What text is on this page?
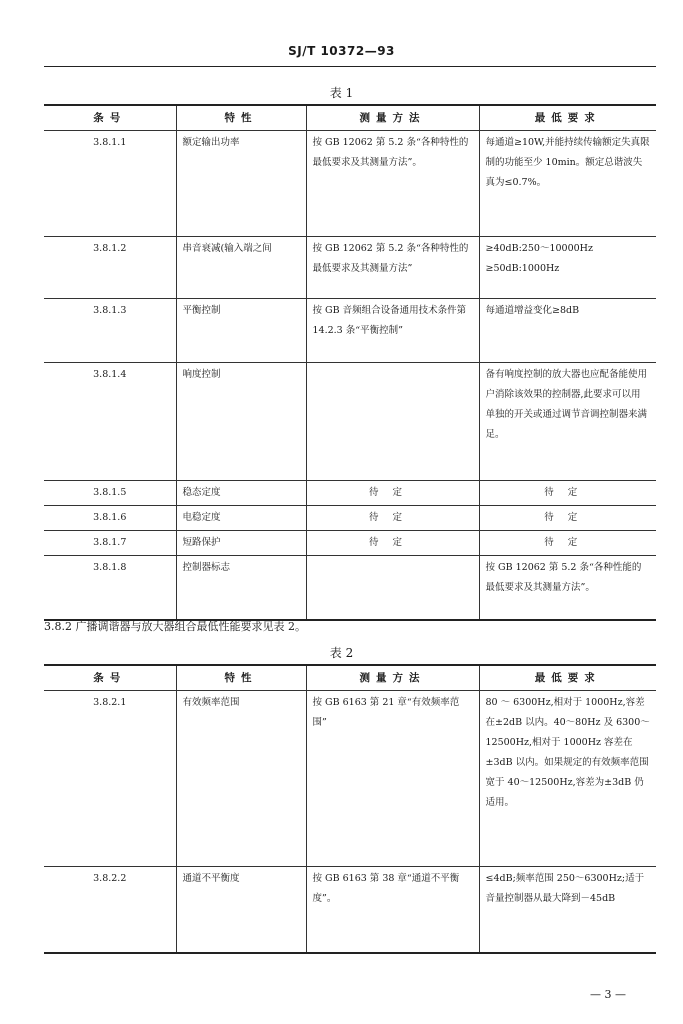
SJ/T 10372—93
表 1
条号	特性	测量方法	最低要求
3.8.1.1	额定输出功率	按 GB 12062 第 5.2 条“各种特性的最低要求及其测量方法”。	每通道≥10W,并能持续传输额定失真限制的功能至少 10min。额定总谐波失真为≤0.7%。
3.8.1.2	串音衰减(输入端之间	按 GB 12062 第 5.2 条“各种特性的最低要求及其测量方法”	≥40dB:250～10000Hz ≥50dB:1000Hz
3.8.1.3	平衡控制	按 GB 音频组合设备通用技术条件第 14.2.3 条“平衡控制”	每通道增益变化≥8dB
3.8.1.4	响度控制		备有响度控制的放大器也应配备能使用户消除该效果的控制器,此要求可以用单独的开关或通过调节音调控制器来满足。
3.8.1.5	稳态定度	待定	待定
3.8.1.6	电稳定度	待定	待定
3.8.1.7	短路保护	待定	待定
3.8.1.8	控制器标志		按 GB 12062 第 5.2 条“各种性能的最低要求及其测量方法”。
3.8.2 广播调谐器与放大器组合最低性能要求见表 2。
表 2
条号	特性	测量方法	最低要求
3.8.2.1	有效频率范围	按 GB 6163 第 21 章“有效频率范围”	80 ～ 6300Hz,相对于 1000Hz,容差在±2dB 以内。40～80Hz 及 6300～12500Hz,相对于 1000Hz 容差在±3dB 以内。如果规定的有效频率范围宽于 40～12500Hz,容差为±3dB 仍适用。
3.8.2.2	通道不平衡度	按 GB 6163 第 38 章“通道不平衡度”。	≤4dB;频率范围 250～6300Hz;适于音量控制器从最大降到－45dB
— 3 —
